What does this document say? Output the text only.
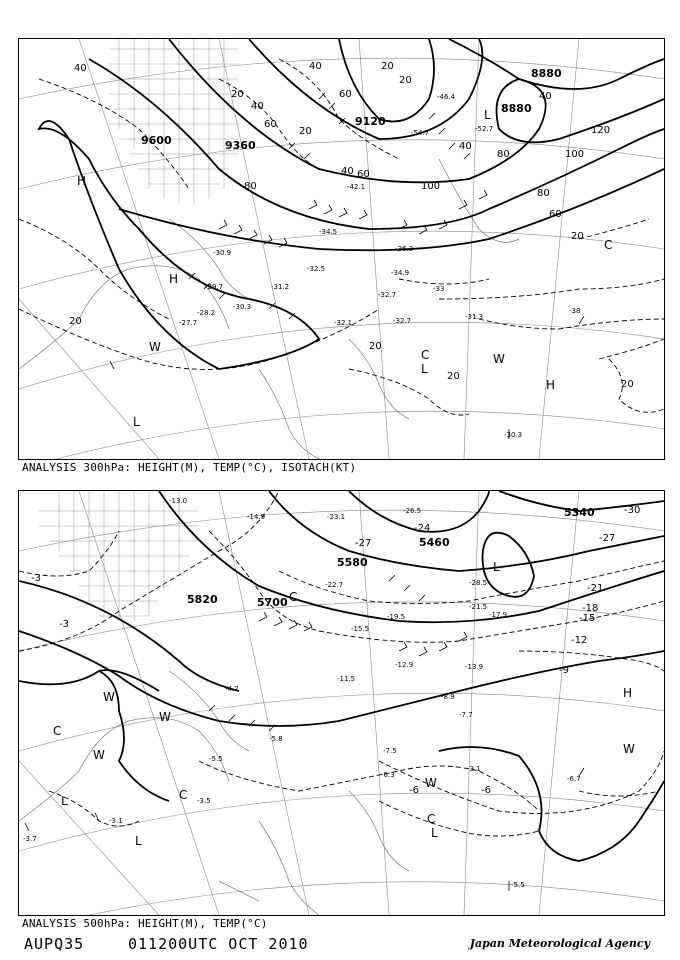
9600	9360
9120
8880
8880
40
20
40
60
80
20
60
40	20
40 60
20
40
80
100
120
100
80
60
40
20
20
20
20
20
-30.3
-31.3
-32.1
-32.5
-32.7
-34.5
-34.9
-27.7
-28.2
-30.3
-36.3
-42.1
-46.4
-52.7
-54.7
-29.7	-31.2
-32.7
-30.9
-33
-38
H
H
W
L
C
L
W
H
C
L
ANALYSIS 300hPa: HEIGHT(M), TEMP(°C), ISOTACH(KT)
5820	5700
5580
5460
5340
-3
-3
-27
-24
-21
-18
-15
-12
-9
-6	-6
-30
-27
-13.0
-14.9	-23.1
-22.7
-19.5
-15.5
-12.9
-11.5
-8.9
-7.7
-5.5
-6.7
-3.1
-7.5
-4.7
-5.8
-6.3
-28.5
-26.5
-21.5
-17.9
-13.9
-3.7
-3.5
-5.5
-3.1
W
W
C
W
L	C
L
C
W
C
L
H
W
L
ANALYSIS 500hPa: HEIGHT(M), TEMP(°C)
AUPQ35	011200UTC OCT 2010	Japan Meteorological Agency
